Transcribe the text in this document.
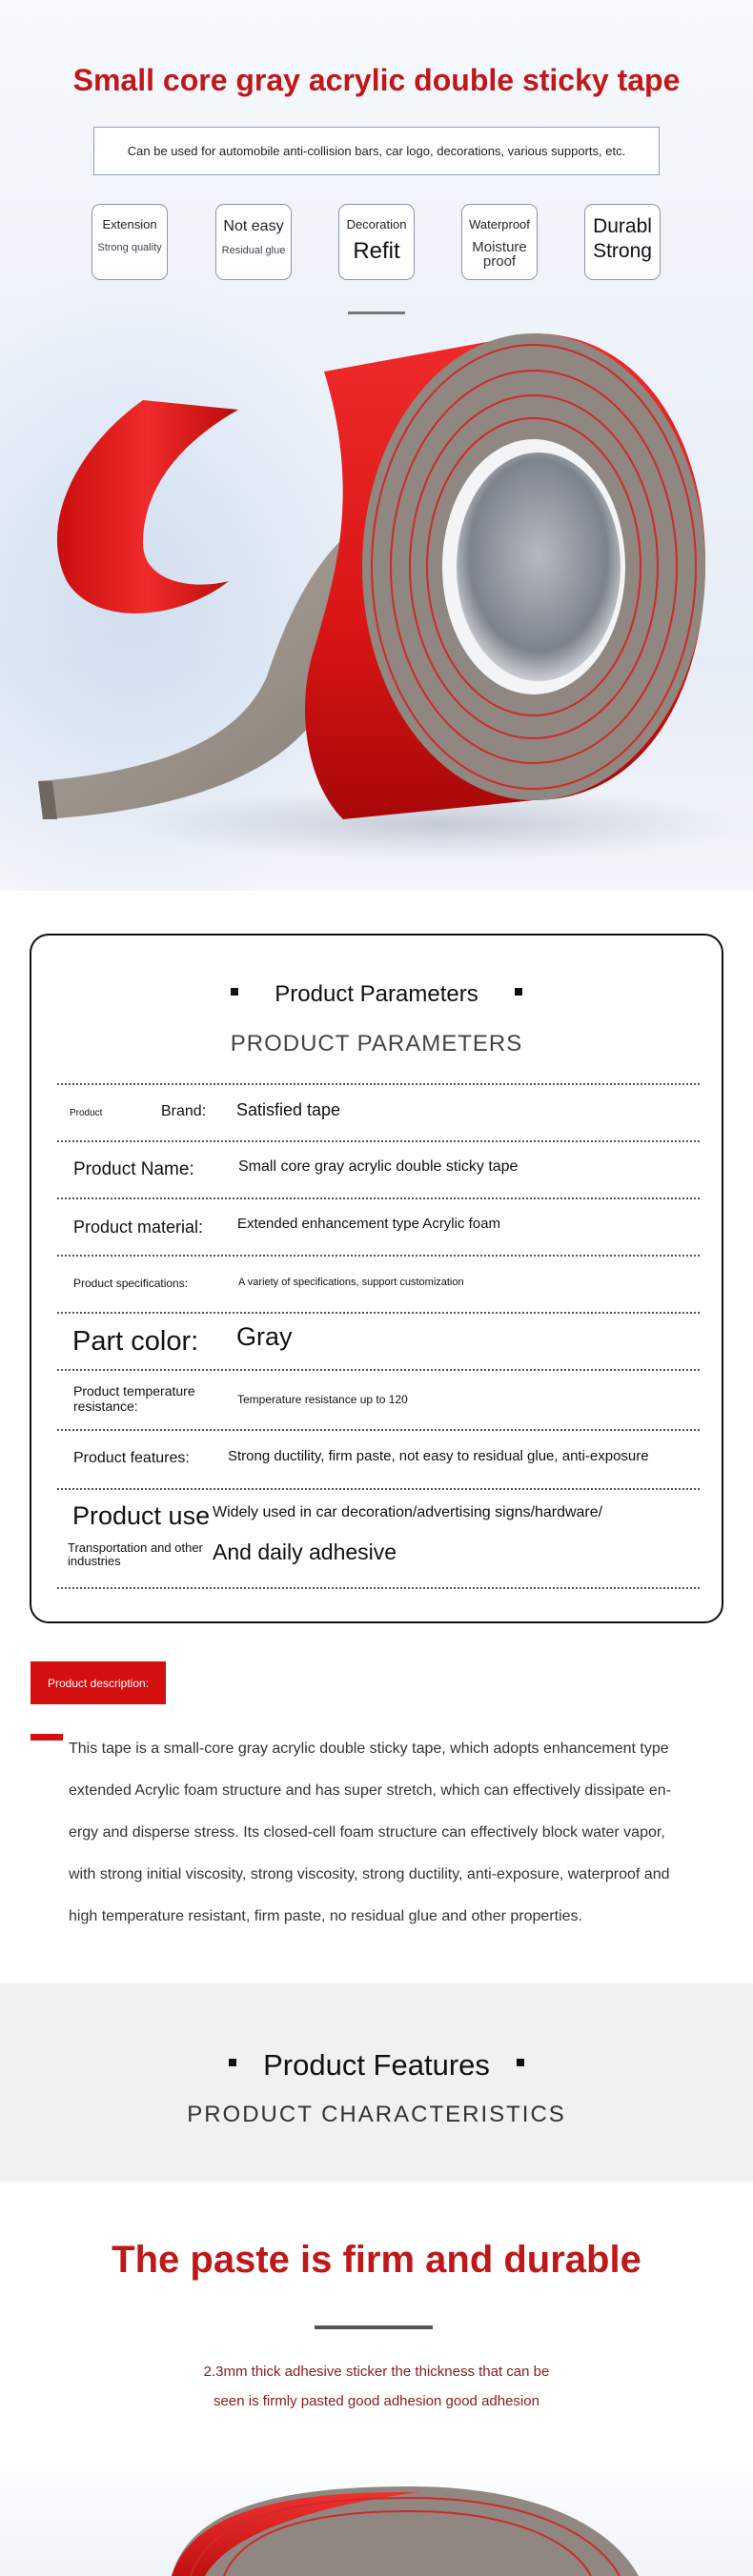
Small core gray acrylic double sticky tape
Can be used for automobile anti-collision bars, car logo, decorations, various supports, etc.
Extension
Strong quality
Not easy
Residual glue
Decoration
Refit
Waterproof
Moisture proof
Durabl
Strong
Product Parameters
PRODUCT PARAMETERS
Product	Brand: Satisfied tape
Product Name:	Small core gray acrylic double sticky tape
Product material: Extended enhancement type Acrylic foam
Product specifications:	A variety of specifications, support customization
Part color: Gray
Product temperature resistance:	Temperature resistance up to 120
Product features:	Strong ductility, firm paste, not easy to residual glue, anti-exposure
Product use Widely used in car decoration/advertising signs/hardware/
Transportation and other industries	And daily adhesive
Product description:
This tape is a small-core gray acrylic double sticky tape, which adopts enhancement type
extended Acrylic foam structure and has super stretch, which can effectively dissipate en-
ergy and disperse stress. Its closed-cell foam structure can effectively block water vapor,
with strong initial viscosity, strong viscosity, strong ductility, anti-exposure, waterproof and
high temperature resistant, firm paste, no residual glue and other properties.
Product Features
PRODUCT CHARACTERISTICS
The paste is firm and durable
2.3mm thick adhesive sticker the thickness that can be
seen is firmly pasted good adhesion good adhesion
